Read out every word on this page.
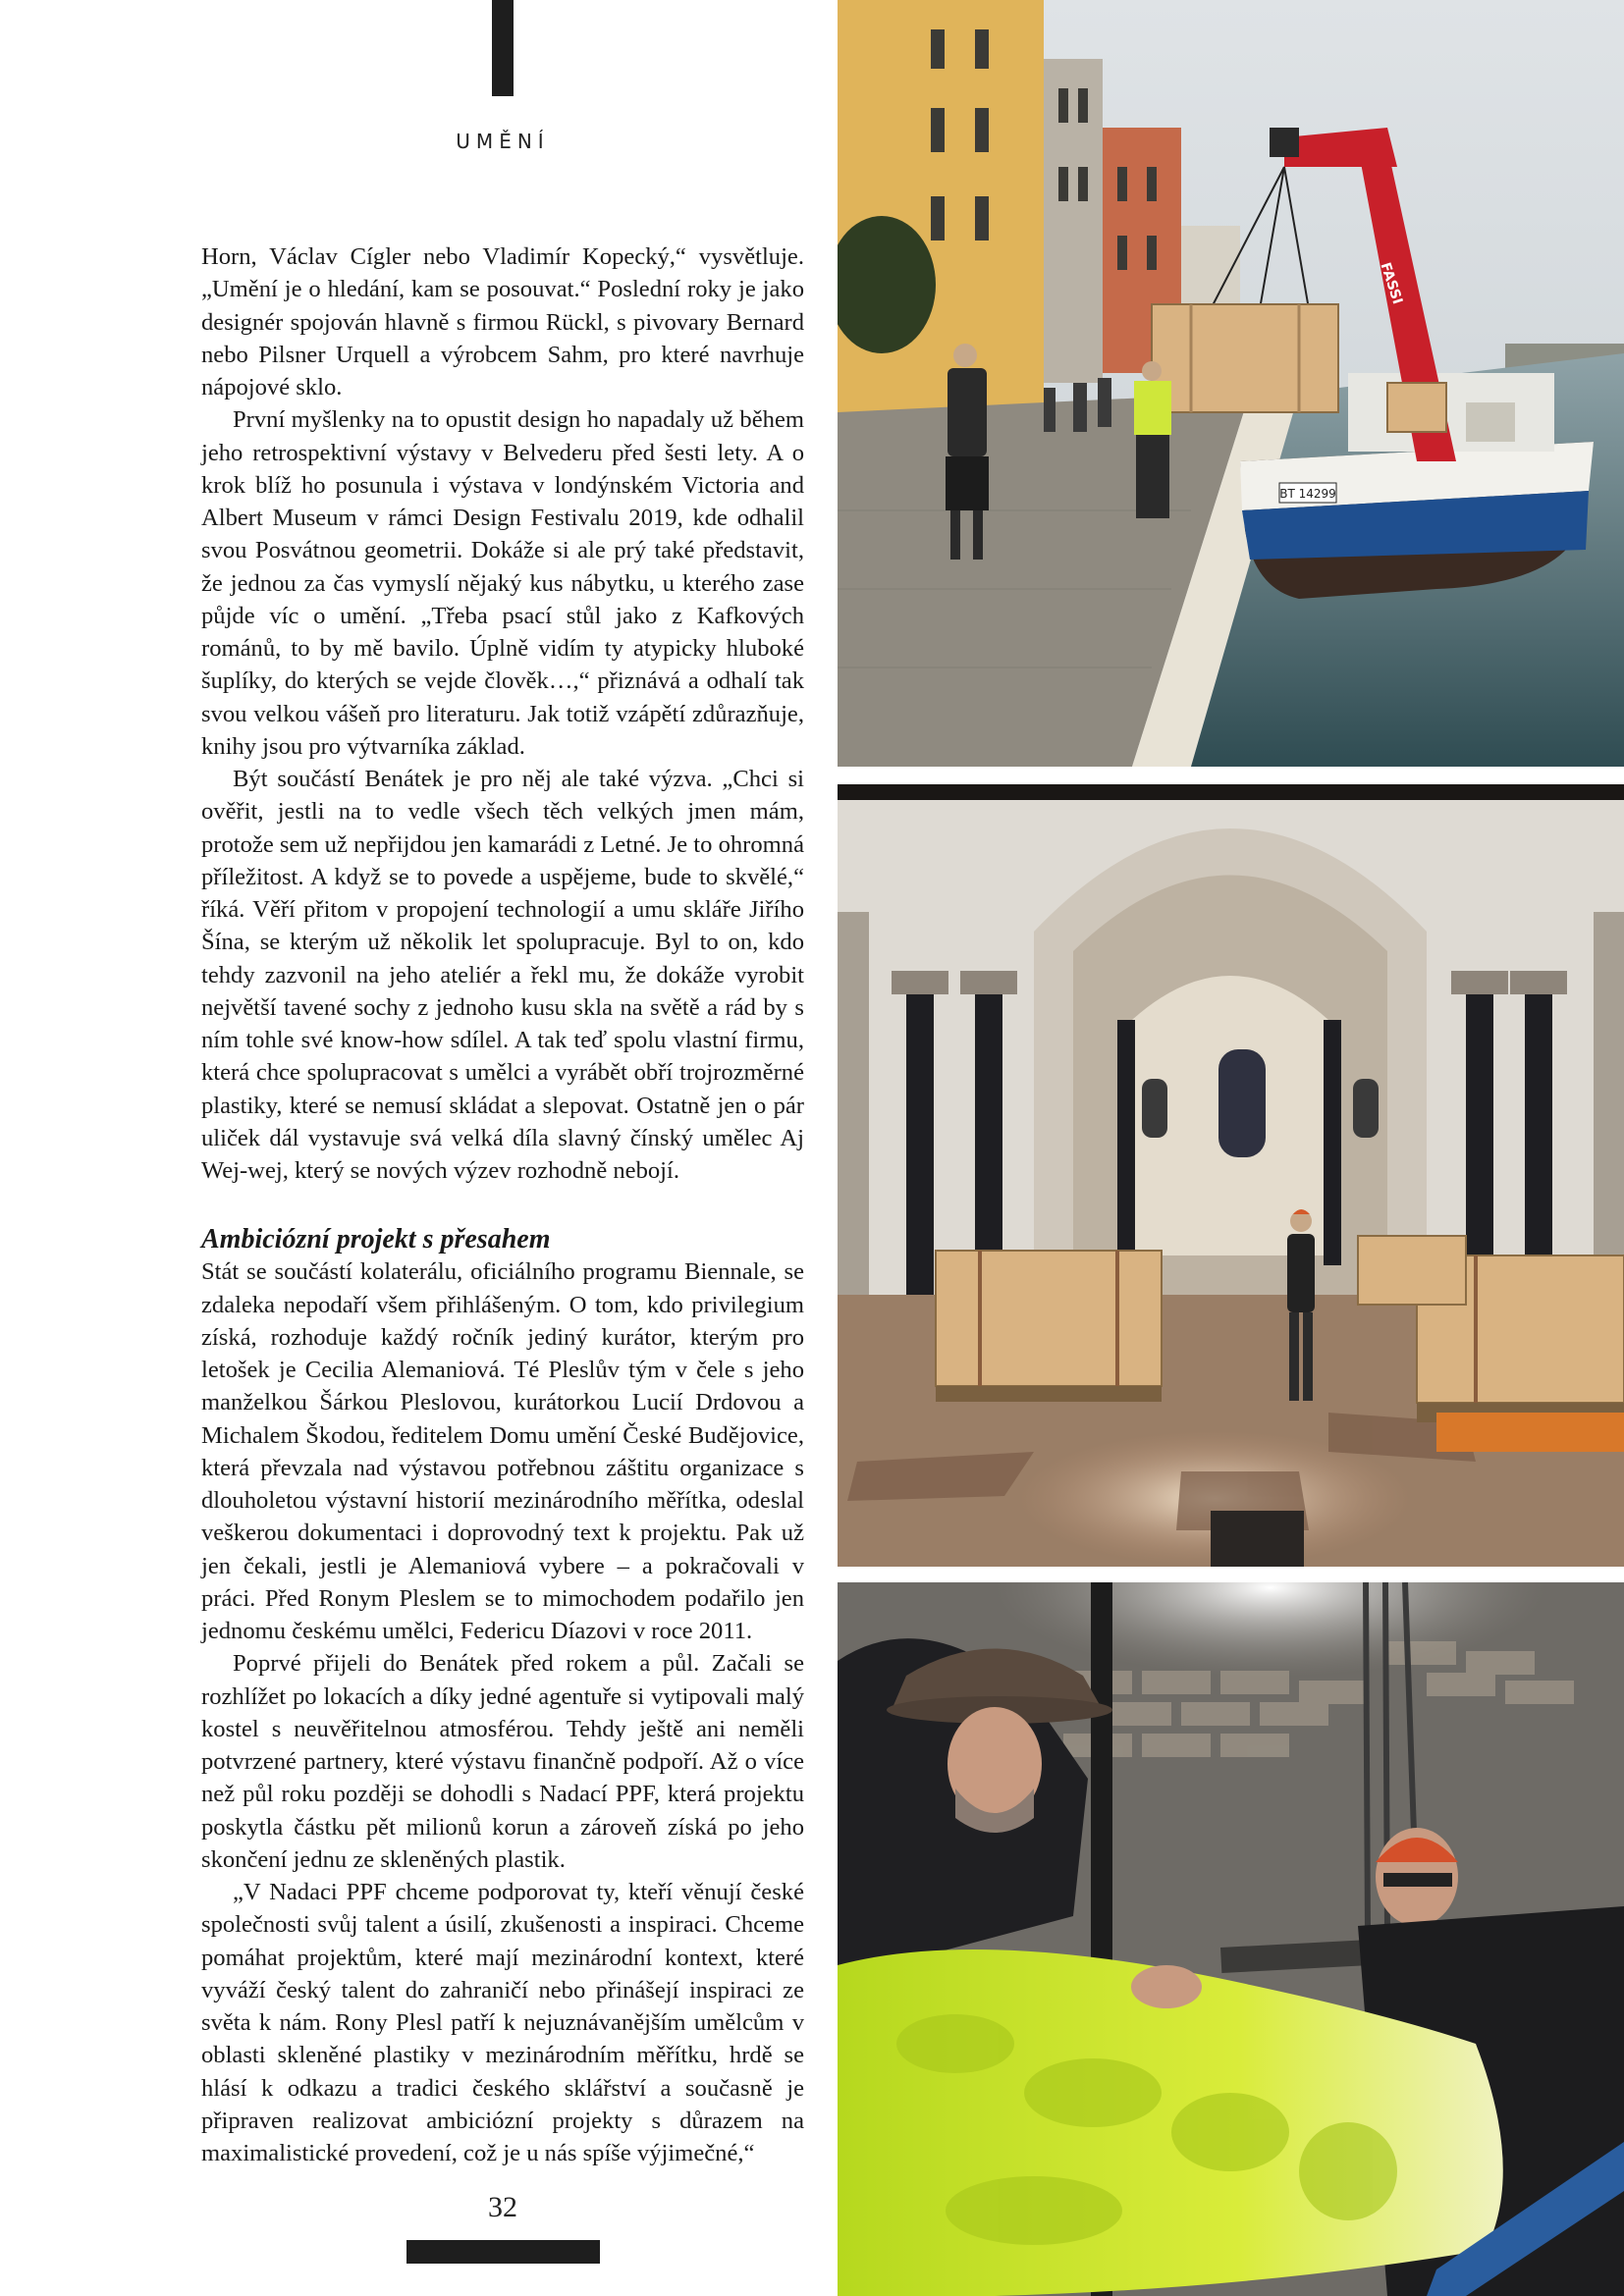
UMĚNÍ

Horn, Václav Cígler nebo Vladimír Kopecký,“ vysvětluje. „Umění je o hledání, kam se posouvat.“ Poslední roky je jako designér spojován hlavně s firmou Rückl, s pivovary Bernard nebo Pilsner Urquell a výrobcem Sahm, pro které navrhuje nápojové sklo.

První myšlenky na to opustit design ho napadaly už během jeho retrospektivní výstavy v Belvederu před šesti lety. A o krok blíž ho posunula i výstava v londýnském Victoria and Albert Museum v rámci Design Festivalu 2019, kde odhalil svou Posvátnou geometrii. Dokáže si ale prý také představit, že jednou za čas vymyslí nějaký kus nábytku, u kterého zase půjde víc o umění. „Třeba psací stůl jako z Kafkových románů, to by mě bavilo. Úplně vidím ty atypicky hluboké šuplíky, do kterých se vejde člověk…,“ přiznává a odhalí tak svou velkou vášeň pro literaturu. Jak totiž vzápětí zdůrazňuje, knihy jsou pro výtvarníka základ.

Být součástí Benátek je pro něj ale také výzva. „Chci si ověřit, jestli na to vedle všech těch velkých jmen mám, protože sem už nepřijdou jen kamarádi z Letné. Je to ohromná příležitost. A když se to povede a uspějeme, bude to skvělé,“ říká. Věří přitom v propojení technologií a umu skláře Jiřího Šína, se kterým už několik let spolupracuje. Byl to on, kdo tehdy zazvonil na jeho ateliér a řekl mu, že dokáže vyrobit největší tavené sochy z jednoho kusu skla na světě a rád by s ním tohle své know-how sdílel. A tak teď spolu vlastní firmu, která chce spolupracovat s umělci a vyrábět obří trojrozměrné plastiky, které se nemusí skládat a slepovat. Ostatně jen o pár uliček dál vystavuje svá velká díla slavný čínský umělec Aj Wej-wej, který se nových výzev rozhodně nebojí.

Ambiciózní projekt s přesahem

Stát se součástí kolaterálu, oficiálního programu Biennale, se zdaleka nepodaří všem přihlášeným. O tom, kdo privilegium získá, rozhoduje každý ročník jediný kurátor, kterým pro letošek je Cecilia Alemaniová. Té Pleslův tým v čele s jeho manželkou Šárkou Pleslovou, kurátorkou Lucií Drdovou a Michalem Škodou, ředitelem Domu umění České Budějovice, která převzala nad výstavou potřebnou záštitu organizace s dlouholetou výstavní historií mezinárodního měřítka, odeslal veškerou dokumentaci i doprovodný text k projektu. Pak už jen čekali, jestli je Alemaniová vybere – a pokračovali v práci. Před Ronym Pleslem se to mimochodem podařilo jen jednomu českému umělci, Federicu Díazovi v roce 2011.

Poprvé přijeli do Benátek před rokem a půl. Začali se rozhlížet po lokacích a díky jedné agentuře si vytipovali malý kostel s neuvěřitelnou atmosférou. Tehdy ještě ani neměli potvrzené partnery, které výstavu finančně podpoří. Až o více než půl roku později se dohodli s Nadací PPF, která projektu poskytla částku pět milionů korun a zároveň získá po jeho skončení jednu ze skleněných plastik.

„V Nadaci PPF chceme podporovat ty, kteří věnují české společnosti svůj talent a úsilí, zkušenosti a inspiraci. Chceme pomáhat projektům, které mají mezinárodní kontext, které vyváží český talent do zahraničí nebo přinášejí inspiraci ze světa k nám. Rony Plesl patří k nejuznávanějším umělcům v oblasti skleněné plastiky v mezinárodním měřítku, hrdě se hlásí k odkazu a tradici českého sklářství a současně je připraven realizovat ambiciózní projekty s důrazem na maximalistické provedení, což je u nás spíše výjimečné,“

32
BT 14299
FASSI
